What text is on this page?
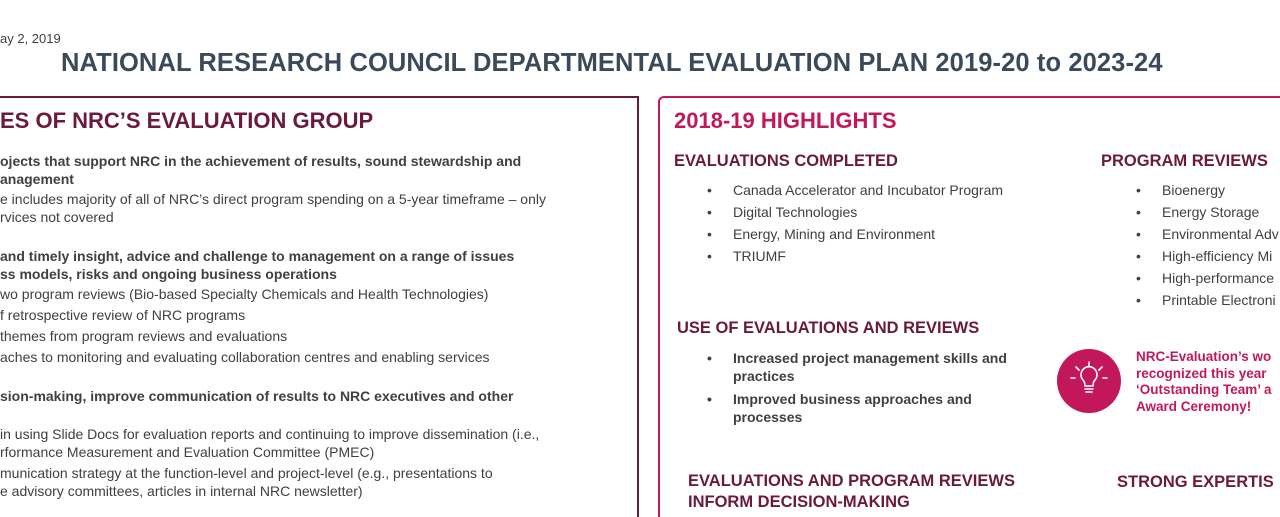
ay 2, 2019
NATIONAL RESEARCH COUNCIL DEPARTMENTAL EVALUATION PLAN 2019-20 to 2023-24
ES OF NRC’S EVALUATION GROUP
ojects that support NRC in the achievement of results, sound stewardship and
anagement
e includes majority of all of NRC’s direct program spending on a 5-year timeframe – only
rvices not covered
and timely insight, advice and challenge to management on a range of issues
ss models, risks and ongoing business operations
wo program reviews (Bio-based Specialty Chemicals and Health Technologies)
f retrospective review of NRC programs
themes from program reviews and evaluations
aches to monitoring and evaluating collaboration centres and enabling services
sion-making, improve communication of results to NRC executives and other
in using Slide Docs for evaluation reports and continuing to improve dissemination (i.e.,
rformance Measurement and Evaluation Committee (PMEC)
munication strategy at the function-level and project-level (e.g., presentations to
e advisory committees, articles in internal NRC newsletter)
2018-19 HIGHLIGHTS
EVALUATIONS COMPLETED
• Canada Accelerator and Incubator Program
• Digital Technologies
• Energy, Mining and Environment
• TRIUMF
PROGRAM REVIEWS
• Bioenergy
• Energy Storage
• Environmental Adv
• High-efficiency Mi
• High-performance
• Printable Electroni
USE OF EVALUATIONS AND REVIEWS
• Increased project management skills and
practices
• Improved business approaches and
processes
NRC-Evaluation’s wo
recognized this year
‘Outstanding Team’ a
Award Ceremony!
EVALUATIONS AND PROGRAM REVIEWS
INFORM DECISION-MAKING
STRONG EXPERTIS
